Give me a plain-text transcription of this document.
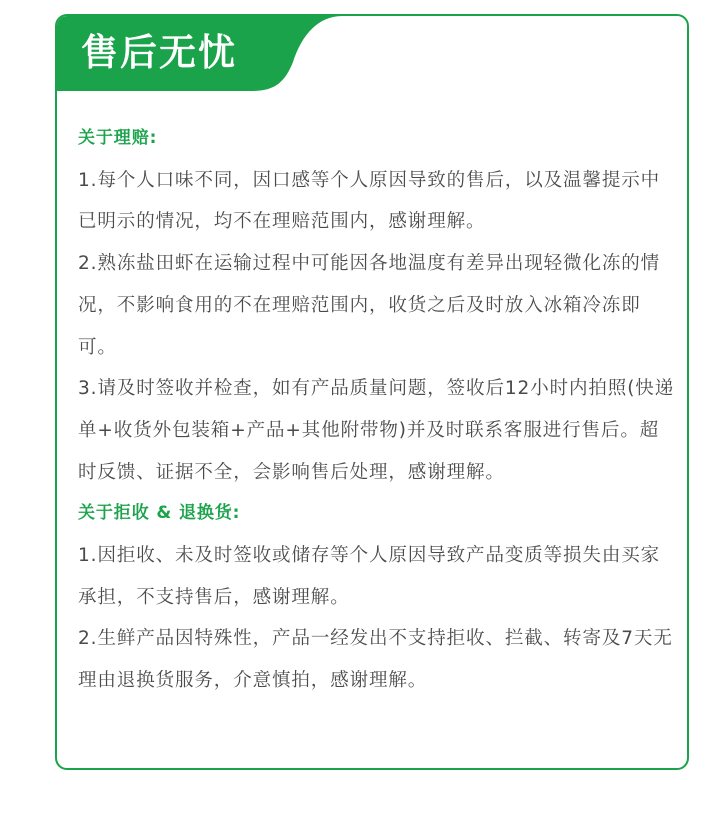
售后无忧
关于理赔:

1.每个人口味不同，因口感等个人原因导致的售后，以及温馨提示中已明示的情况，均不在理赔范围内，感谢理解。

2.熟冻盐田虾在运输过程中可能因各地温度有差异出现轻微化冻的情况，不影响食用的不在理赔范围内，收货之后及时放入冰箱冷冻即可。

3.请及时签收并检查，如有产品质量问题，签收后12小时内拍照(快递单+收货外包装箱+产品+其他附带物)并及时联系客服进行售后。超时反馈、证据不全，会影响售后处理，感谢理解。

关于拒收 & 退换货:

1.因拒收、未及时签收或储存等个人原因导致产品变质等损失由买家承担，不支持售后，感谢理解。

2.生鲜产品因特殊性，产品一经发出不支持拒收、拦截、转寄及7天无理由退换货服务，介意慎拍，感谢理解。
